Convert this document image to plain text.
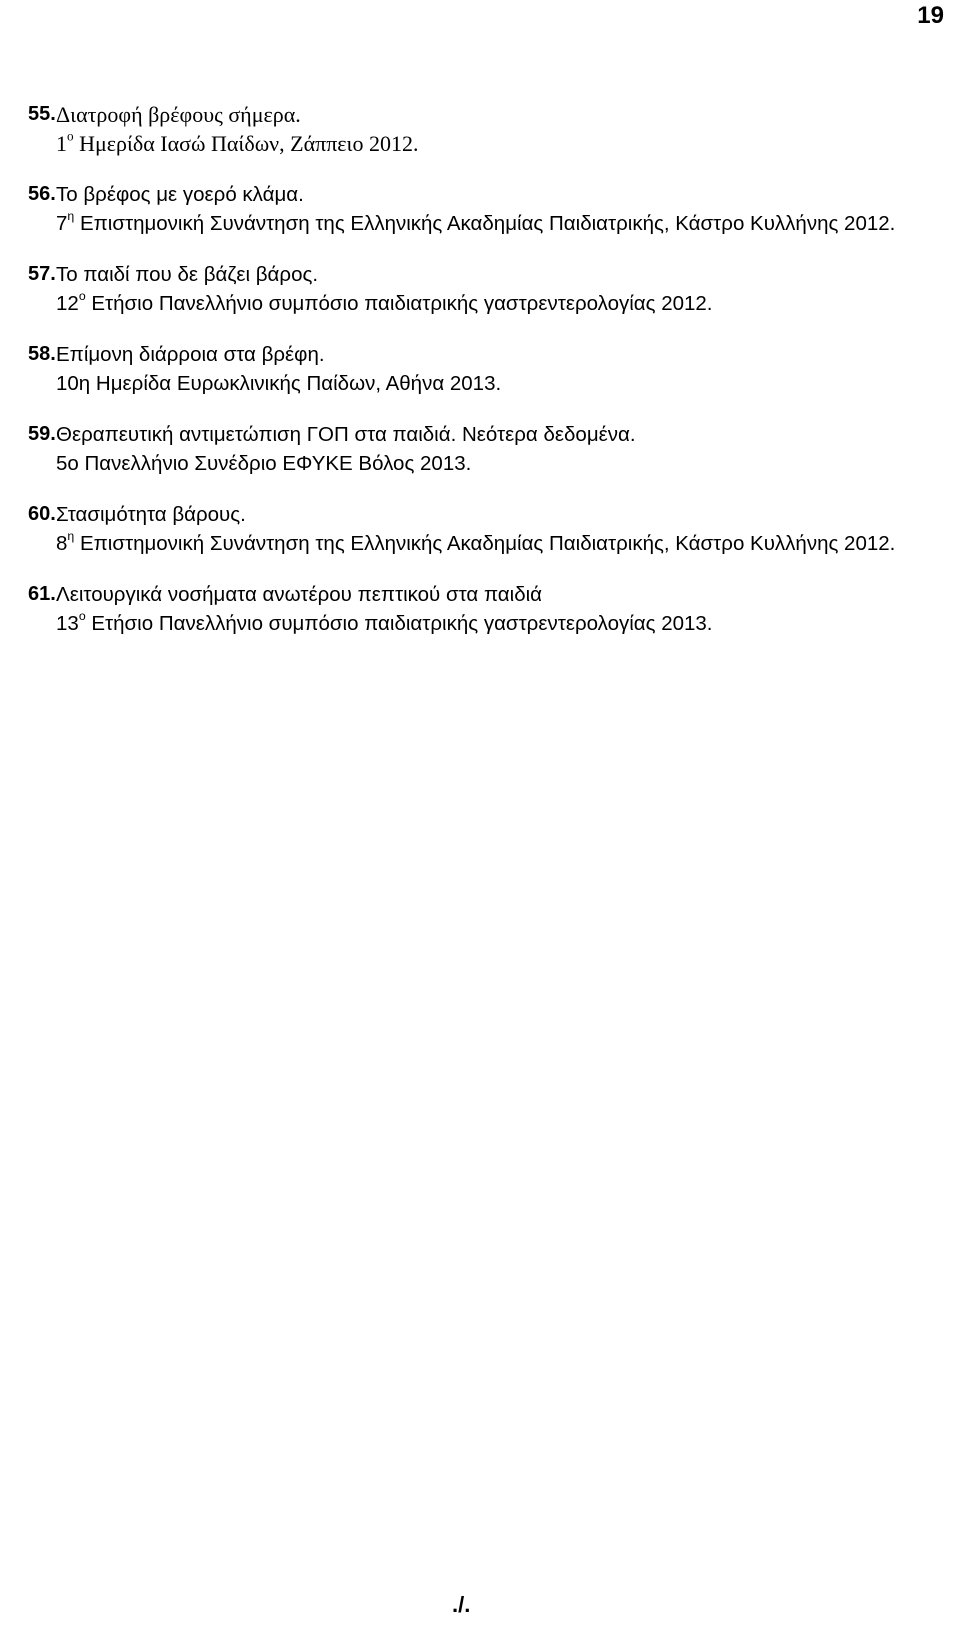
19
55. Διατροφή βρέφους σήμερα.
$1^o$ Ημερίδα Ιασώ Παίδων, Ζάππειο 2012.
56. Το βρέφος με γοερό κλάμα.
$7^\eta$ Επιστημονική Συνάντηση της Ελληνικής Ακαδημίας Παιδιατρικής, Κάστρο Κυλλήνης 2012.
57. Το παιδί που δε βάζει βάρος.
$12^o$ Ετήσιο Πανελλήνιο συμπόσιο παιδιατρικής γαστρεντερολογίας 2012.
58. Επίμονη διάρροια στα βρέφη.
10η Ημερίδα Ευρωκλινικής Παίδων, Αθήνα 2013.
59. Θεραπευτική αντιμετώπιση ΓΟΠ στα παιδιά. Νεότερα δεδομένα.
5ο Πανελλήνιο Συνέδριο ΕΦΥΚΕ Βόλος 2013.
60. Στασιμότητα βάρους.
$8^\eta$ Επιστημονική Συνάντηση της Ελληνικής Ακαδημίας Παιδιατρικής, Κάστρο Κυλλήνης 2012.
61. Λειτουργικά νοσήματα ανωτέρου πεπτικού στα παιδιά
$13^o$ Ετήσιο Πανελλήνιο συμπόσιο παιδιατρικής γαστρεντερολογίας 2013.
./.
